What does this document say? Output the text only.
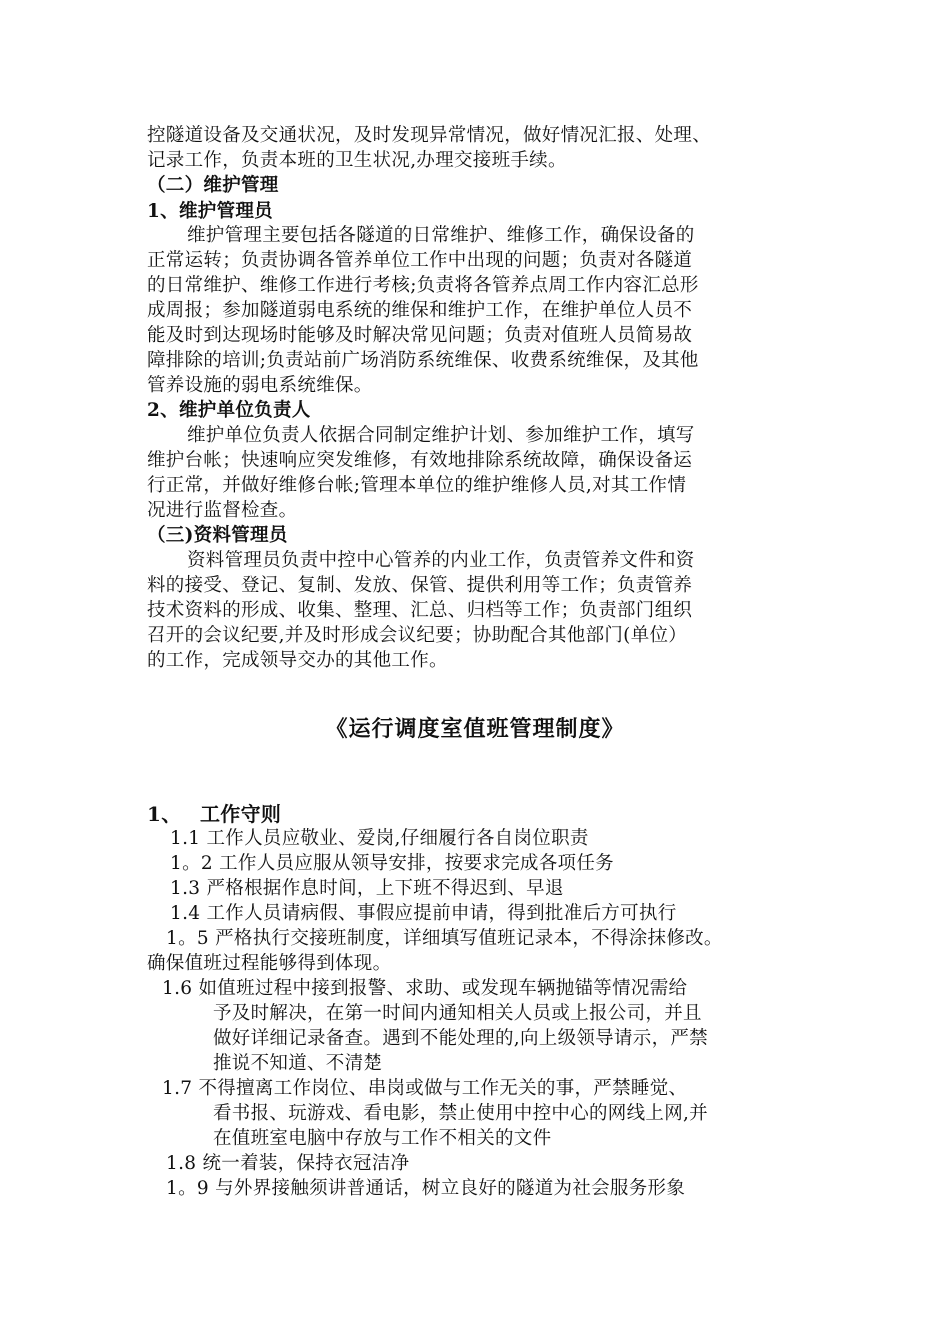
控隧道设备及交通状况，及时发现异常情况，做好情况汇报、处理、
记录工作，负责本班的卫生状况,办理交接班手续。
（二）维护管理
1、维护管理员
维护管理主要包括各隧道的日常维护、维修工作，确保设备的
正常运转；负责协调各管养单位工作中出现的问题；负责对各隧道
的日常维护、维修工作进行考核;负责将各管养点周工作内容汇总形
成周报；参加隧道弱电系统的维保和维护工作，在维护单位人员不
能及时到达现场时能够及时解决常见问题；负责对值班人员简易故
障排除的培训;负责站前广场消防系统维保、收费系统维保，及其他
管养设施的弱电系统维保。
2、维护单位负责人
维护单位负责人依据合同制定维护计划、参加维护工作，填写
维护台帐；快速响应突发维修，有效地排除系统故障，确保设备运
行正常，并做好维修台帐;管理本单位的维护维修人员,对其工作情
况进行监督检查。
（三)资料管理员
资料管理员负责中控中心管养的内业工作，负责管养文件和资
料的接受、登记、复制、发放、保管、提供利用等工作；负责管养
技术资料的形成、收集、整理、汇总、归档等工作；负责部门组织
召开的会议纪要,并及时形成会议纪要；协助配合其他部门(单位）
的工作，完成领导交办的其他工作。
《运行调度室值班管理制度》
1、 工作守则
1.1 工作人员应敬业、爱岗,仔细履行各自岗位职责
1。2 工作人员应服从领导安排，按要求完成各项任务
1.3 严格根据作息时间，上下班不得迟到、早退
1.4 工作人员请病假、事假应提前申请，得到批准后方可执行
1。5 严格执行交接班制度，详细填写值班记录本，不得涂抹修改。
确保值班过程能够得到体现。
1.6 如值班过程中接到报警、求助、或发现车辆抛锚等情况需给
予及时解决，在第一时间内通知相关人员或上报公司，并且
做好详细记录备查。遇到不能处理的,向上级领导请示，严禁
推说不知道、不清楚
1.7 不得擅离工作岗位、串岗或做与工作无关的事，严禁睡觉、
看书报、玩游戏、看电影，禁止使用中控中心的网线上网,并
在值班室电脑中存放与工作不相关的文件
1.8 统一着装，保持衣冠洁净
1。9 与外界接触须讲普通话，树立良好的隧道为社会服务形象
